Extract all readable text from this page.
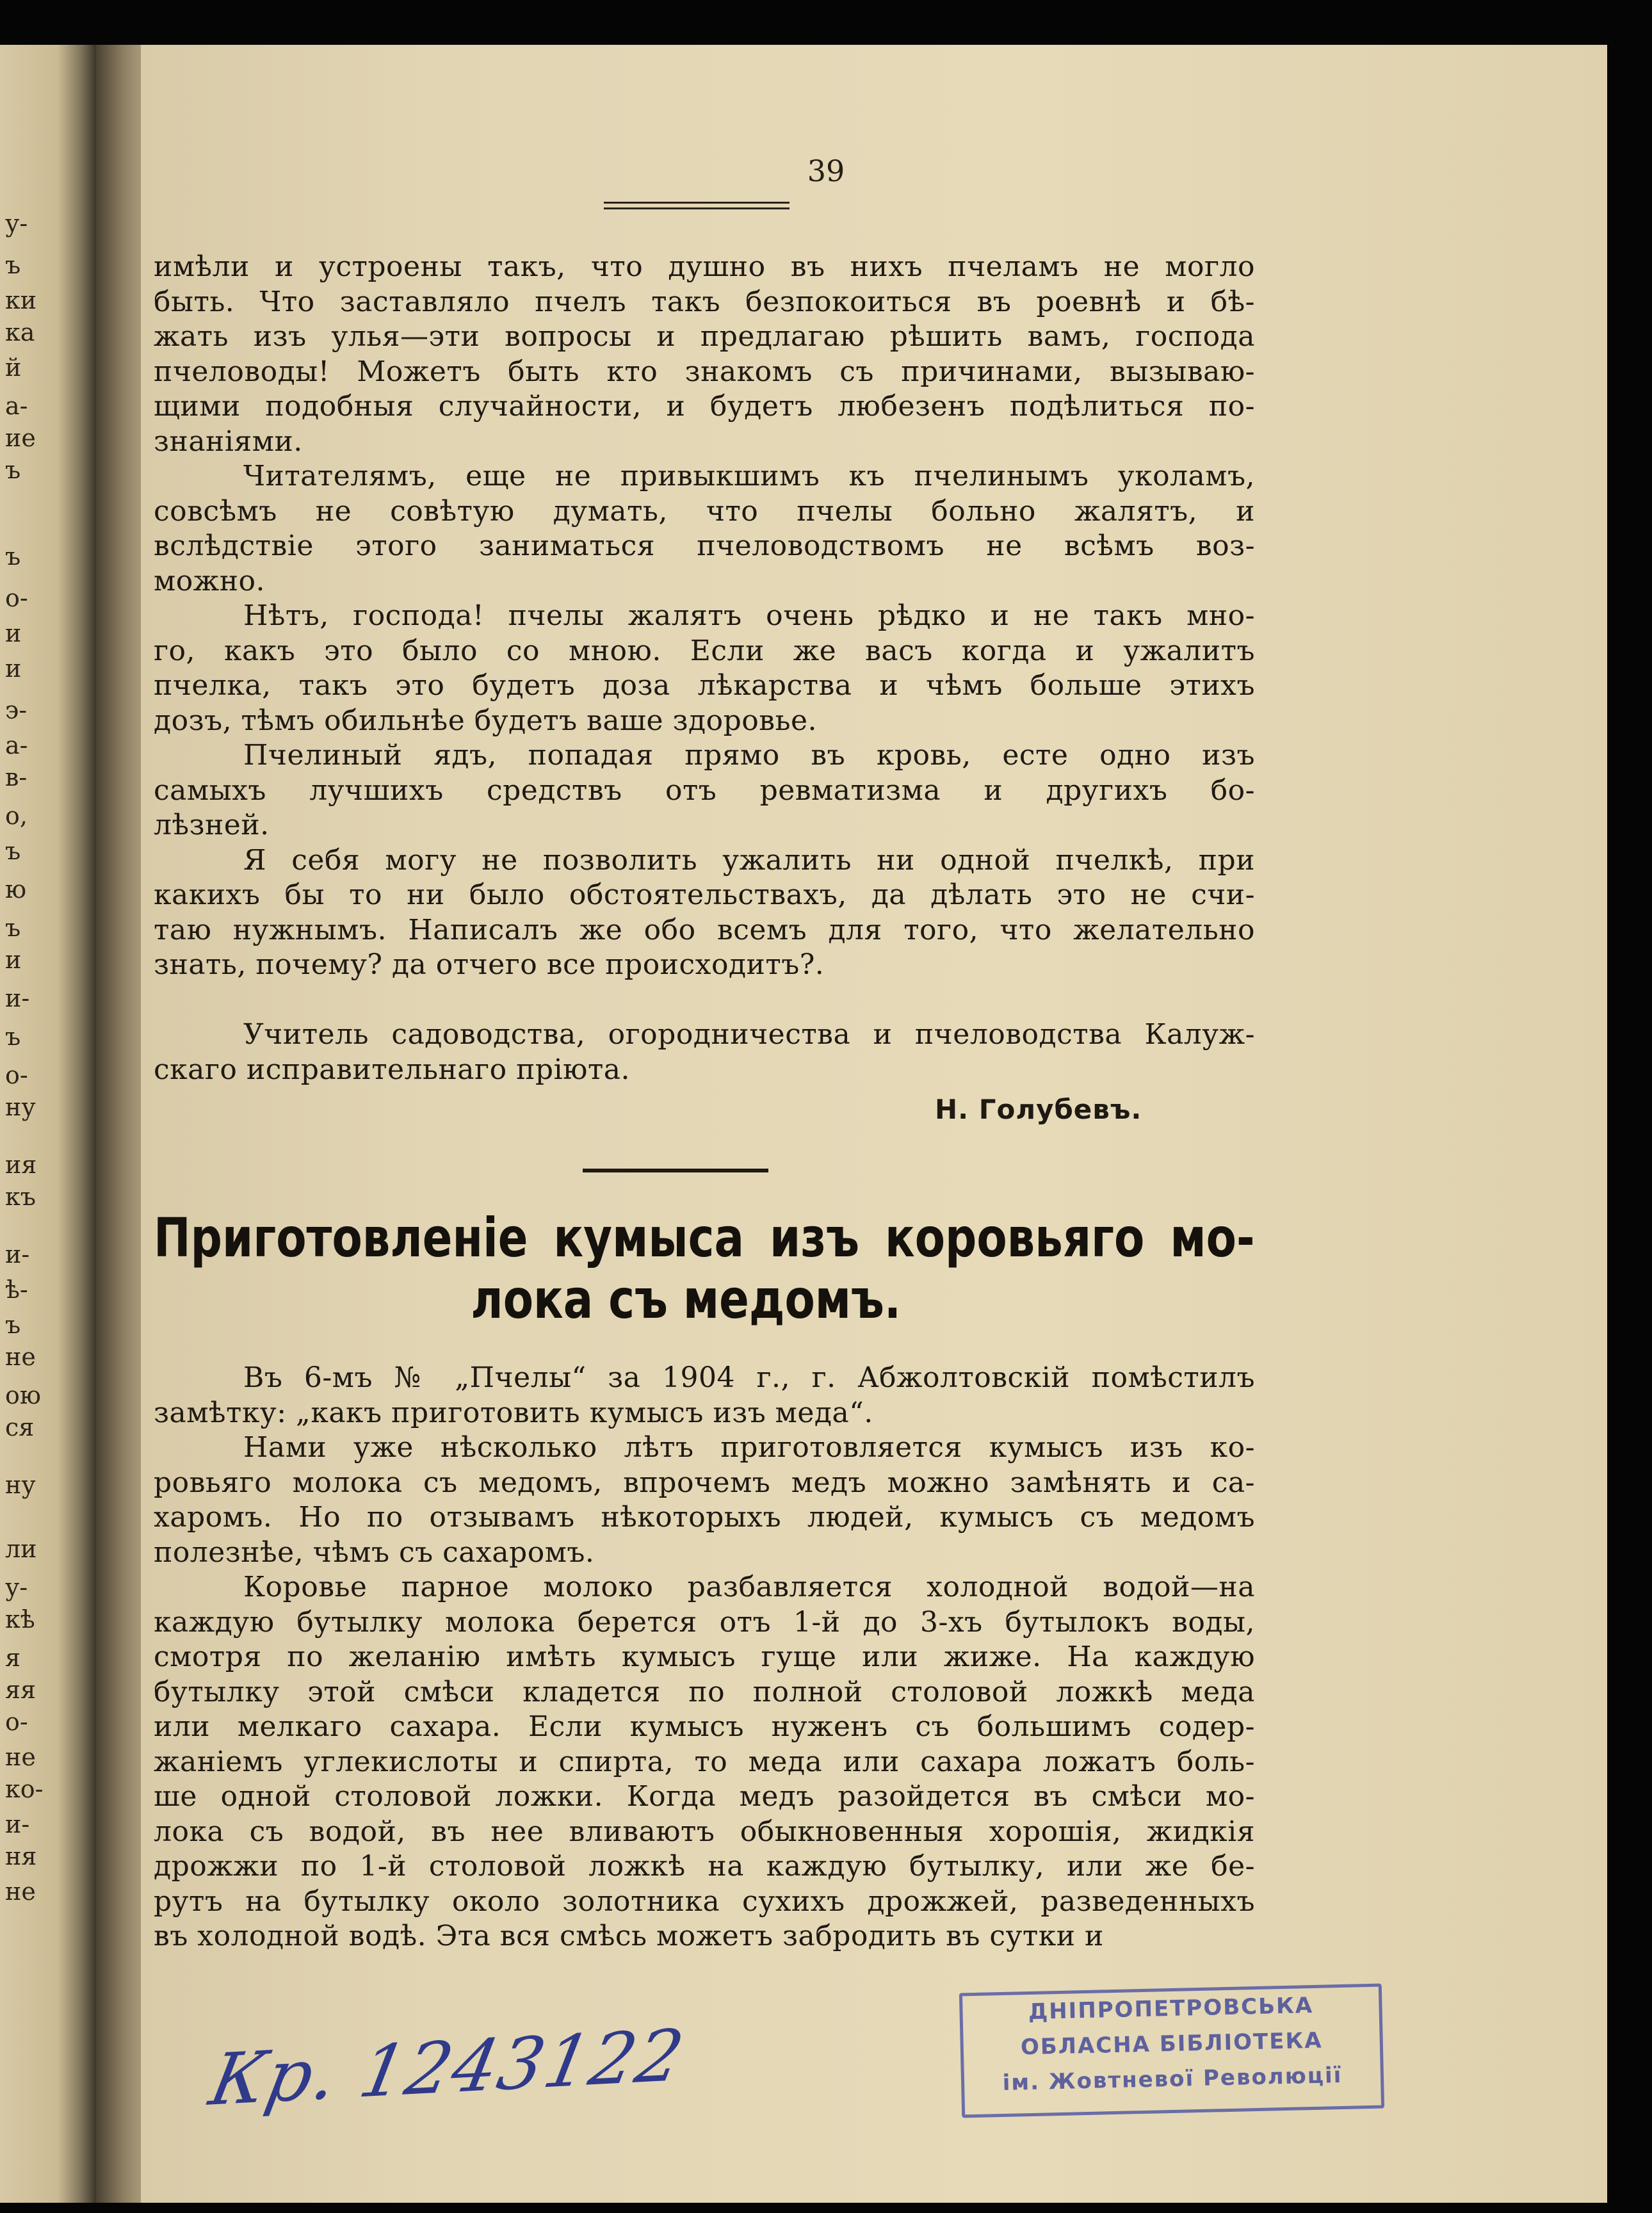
у-
ъ
ки
ка
й
а-
ие
ъ
ъ
о-
и
и
э-
а-
в-
о,
ъ
ю
ъ
и
и-
ъ
о-
ну
ия
къ
и-
ѣ-
ъ
не
ою
ся
ну
ли
у-
кѣ
я
яя
о-
не
ко-
и-
ня
не
39
имѣли и устроены такъ, что душно въ нихъ пчеламъ не могло
быть. Что заставляло пчелъ такъ безпокоиться въ роевнѣ и бѣ-
жать изъ улья—эти вопросы и предлагаю рѣшить вамъ, господа
пчеловоды! Можетъ быть кто знакомъ съ причинами, вызываю-
щими подобныя случайности, и будетъ любезенъ подѣлиться по-
знаніями.
Читателямъ, еще не привыкшимъ къ пчелинымъ уколамъ,
совсѣмъ не совѣтую думать, что пчелы больно жалятъ, и
вслѣдствіе этого заниматься пчеловодствомъ не всѣмъ воз-
можно.
Нѣтъ, господа! пчелы жалятъ очень рѣдко и не такъ мно-
го, какъ это было со мною. Если же васъ когда и ужалитъ
пчелка, такъ это будетъ доза лѣкарства и чѣмъ больше этихъ
дозъ, тѣмъ обильнѣе будетъ ваше здоровье.
Пчелиный ядъ, попадая прямо въ кровь, есте одно изъ
самыхъ лучшихъ средствъ отъ ревматизма и другихъ бо-
лѣзней.
Я себя могу не позволить ужалить ни одной пчелкѣ, при
какихъ бы то ни было обстоятельствахъ, да дѣлать это не счи-
таю нужнымъ. Написалъ же обо всемъ для того, что желательно
знать, почему? да отчего все происходитъ?.
Учитель садоводства, огородничества и пчеловодства Калуж-
скаго исправительнаго пріюта.
Н. Голубевъ.
Приготовленіе кумыса изъ коровьяго мо-
лока съ медомъ.
Въ 6-мъ № „Пчелы“ за 1904 г., г. Абжолтовскій помѣстилъ
замѣтку: „какъ приготовить кумысъ изъ меда“.
Нами уже нѣсколько лѣтъ приготовляется кумысъ изъ ко-
ровьяго молока съ медомъ, впрочемъ медъ можно замѣнять и са-
харомъ. Но по отзывамъ нѣкоторыхъ людей, кумысъ съ медомъ
полезнѣе, чѣмъ съ сахаромъ.
Коровье парное молоко разбавляется холодной водой—на
каждую бутылку молока берется отъ 1-й до 3-хъ бутылокъ воды,
смотря по желанію имѣть кумысъ гуще или жиже. На каждую
бутылку этой смѣси кладется по полной столовой ложкѣ меда
или мелкаго сахара. Если кумысъ нуженъ съ большимъ содер-
жаніемъ углекислоты и спирта, то меда или сахара ложатъ боль-
ше одной столовой ложки. Когда медъ разойдется въ смѣси мо-
лока съ водой, въ нее вливаютъ обыкновенныя хорошія, жидкія
дрожжи по 1-й столовой ложкѣ на каждую бутылку, или же бе-
рутъ на бутылку около золотника сухихъ дрожжей, разведенныхъ
въ холодной водѣ. Эта вся смѣсь можетъ забродить въ сутки и
ДНІПРОПЕТРОВСЬКА
ОБЛАСНА БІБЛІОТЕКА
ім. Жовтневої Революції
Кр. 1243122
